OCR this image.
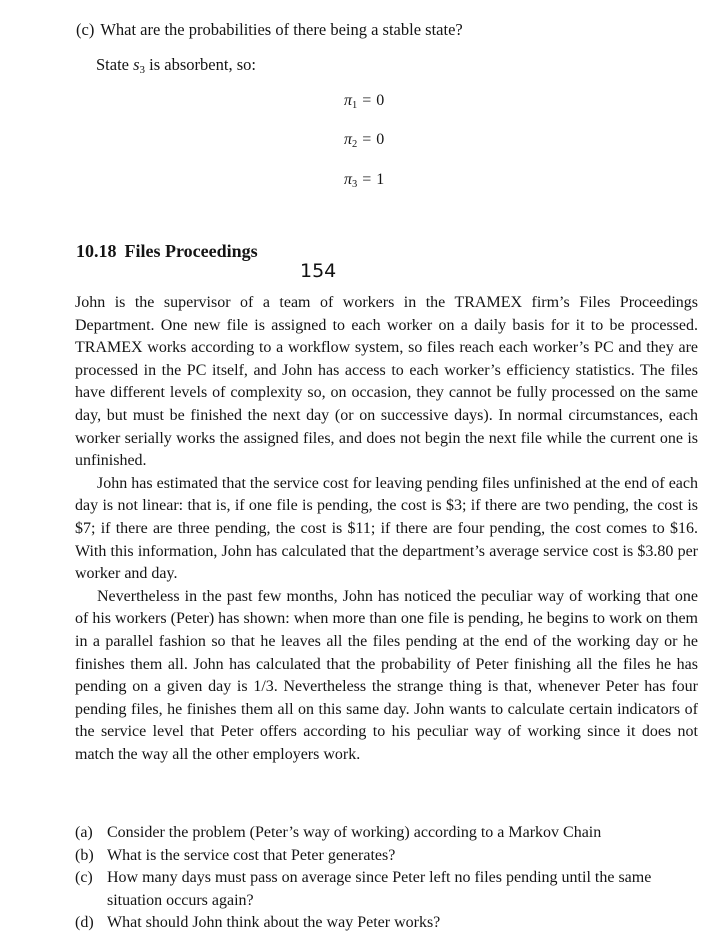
(c) What are the probabilities of there being a stable state?
State $s_3$ is absorbent, so:
$\pi_1 = 0$
$\pi_2 = 0$
$\pi_3 = 1$
10.18 Files Proceedings
154

John is the supervisor of a team of workers in the TRAMEX firm’s Files Proceedings Department. One new file is assigned to each worker on a daily basis for it to be processed. TRAMEX works according to a workflow system, so files reach each worker’s PC and they are processed in the PC itself, and John has access to each worker’s efficiency statistics. The files have different levels of complexity so, on occasion, they cannot be fully processed on the same day, but must be finished the next day (or on successive days). In normal circumstances, each worker serially works the assigned files, and does not begin the next file while the current one is unfinished.

John has estimated that the service cost for leaving pending files unfinished at the end of each day is not linear: that is, if one file is pending, the cost is $3; if there are two pending, the cost is $7; if there are three pending, the cost is $11; if there are four pending, the cost comes to $16. With this information, John has calculated that the department’s average service cost is $3.80 per worker and day.

Nevertheless in the past few months, John has noticed the peculiar way of working that one of his workers (Peter) has shown: when more than one file is pending, he begins to work on them in a parallel fashion so that he leaves all the files pending at the end of the working day or he finishes them all. John has calculated that the probability of Peter finishing all the files he has pending on a given day is 1/3. Nevertheless the strange thing is that, whenever Peter has four pending files, he finishes them all on this same day. John wants to calculate certain indicators of the service level that Peter offers according to his peculiar way of working since it does not match the way all the other employers work.

(a) Consider the problem (Peter’s way of working) according to a Markov Chain
(b) What is the service cost that Peter generates?
(c) How many days must pass on average since Peter left no files pending until the same situation occurs again?
(d) What should John think about the way Peter works?
